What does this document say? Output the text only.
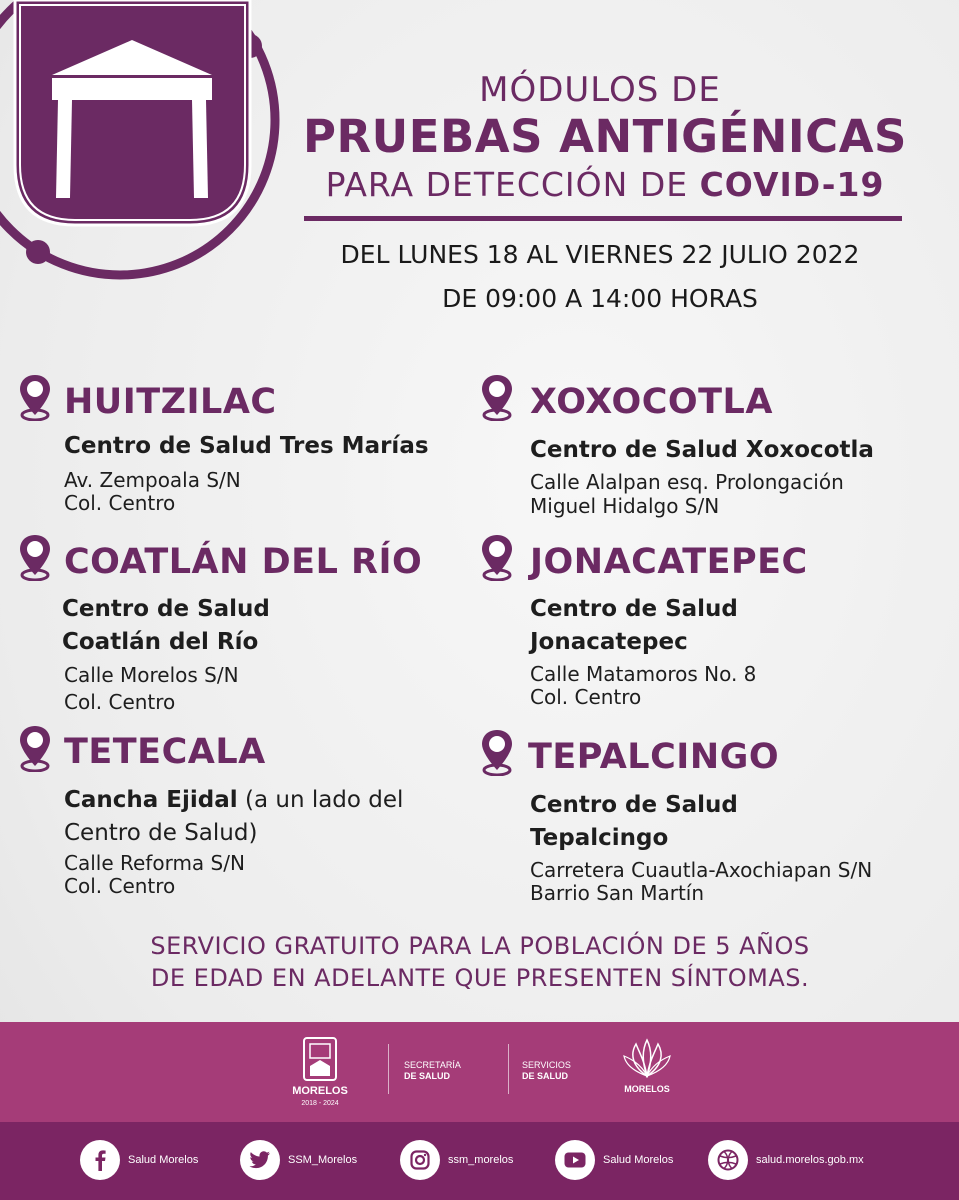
MÓDULOS DE
PRUEBAS ANTIGÉNICAS
PARA DETECCIÓN DE COVID-19
DEL LUNES 18 AL VIERNES 22 JULIO 2022
DE 09:00 A 14:00 HORAS
HUITZILAC
Centro de Salud Tres Marías
Av. Zempoala S/N
Col. Centro
COATLÁN DEL RÍO
Centro de Salud
Coatlán del Río
Calle Morelos S/N
Col. Centro
TETECALA
Cancha Ejidal (a un lado del
Centro de Salud)
Calle Reforma S/N
Col. Centro
XOXOCOTLA
Centro de Salud Xoxocotla
Calle Alalpan esq. Prolongación
Miguel Hidalgo S/N
JONACATEPEC
Centro de Salud
Jonacatepec
Calle Matamoros No. 8
Col. Centro
TEPALCINGO
Centro de Salud
Tepalcingo
Carretera Cuautla-Axochiapan S/N
Barrio San Martín
SERVICIO GRATUITO PARA LA POBLACIÓN DE 5 AÑOS
DE EDAD EN ADELANTE QUE PRESENTEN SÍNTOMAS.
MORELOS
2018 - 2024
SECRETARÍA
DE SALUD
SERVICIOS
DE SALUD
MORELOS
Salud Morelos	SSM_Morelos	ssm_morelos	Salud Morelos	salud.morelos.gob.mx
